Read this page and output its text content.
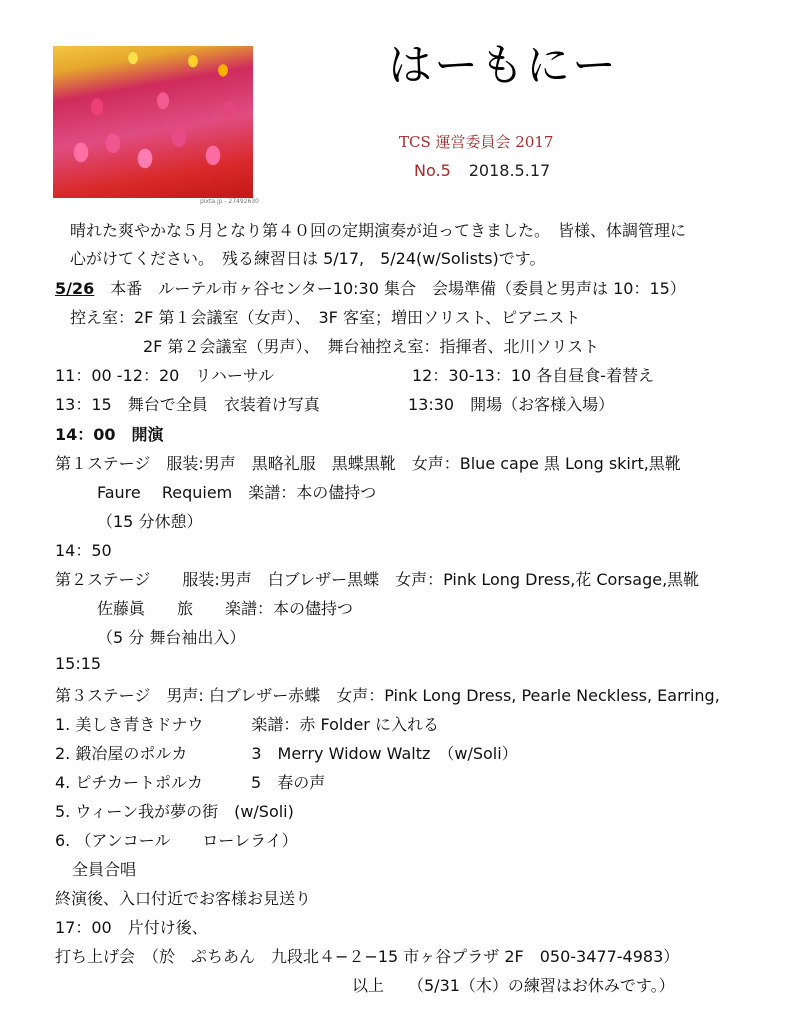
pixta.jp - 27492630
はーもにー
TCS 運営委員会 2017
No.5 2018.5.17
晴れた爽やかな５月となり第４０回の定期演奏が迫ってきました。　皆様、体調管理に
心がけてください。　残る練習日は 5/17,　5/24(w/Solists)です。
5/26　本番　ルーテル市ヶ谷センター10:30 集合　会場準備（委員と男声は 10：15）
控え室：2F 第１会議室（女声）、　3F 客室；増田ソリスト、ピアニスト
2F 第２会議室（男声）、　舞台袖控え室：指揮者、北川ソリスト
11：00 -12：20　リハーサル	12：30-13：10 各自昼食-着替え
13：15　舞台で全員　衣装着け写真	13:30　開場（お客様入場）
14：00　開演
第１ステージ　服装:男声　黒略礼服　黒蝶黒靴　女声：Blue cape 黒 Long skirt,黒靴
Faure　 Requiem　楽譜：本の儘持つ
（15 分休憩）
14：50
第２ステージ　　服装:男声　白ブレザー黒蝶　女声：Pink Long Dress,花 Corsage,黒靴
佐藤眞　　旅　　楽譜：本の儘持つ
（5 分 舞台袖出入）
15:15
第３ステージ　男声: 白ブレザー赤蝶　女声：Pink Long Dress, Pearle Neckless, Earring,
1. 美しき青きドナウ　　　楽譜：赤 Folder に入れる
2. 鍛冶屋のポルカ　　　　3　Merry Widow Waltz　（w/Soli）
4. ピチカートポルカ　　　5　春の声
5. ウィーン我が夢の街　(w/Soli)
6. （アンコール　　ローレライ）
全員合唱
終演後、入口付近でお客様お見送り
17：00　片付け後、
打ち上げ会　（於　ぷちあん　九段北４−２−15 市ヶ谷プラザ 2F　050-3477-4983）
以上　　（5/31（木）の練習はお休みです。）
